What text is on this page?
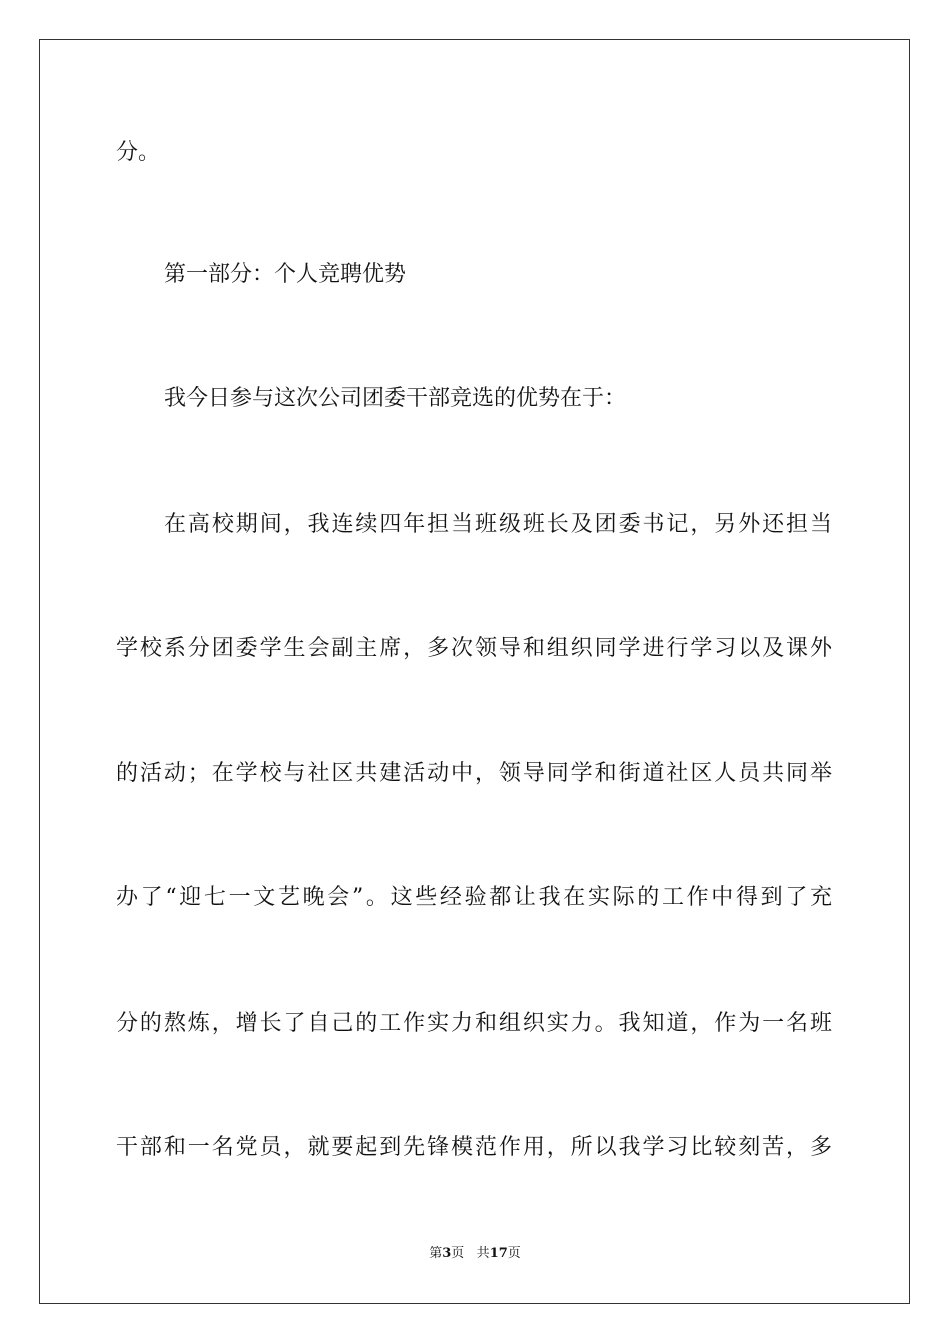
分。
第一部分：个人竞聘优势
我今日参与这次公司团委干部竞选的优势在于：
在高校期间，我连续四年担当班级班长及团委书记，另外还担当
学校系分团委学生会副主席，多次领导和组织同学进行学习以及课外
的活动；在学校与社区共建活动中，领导同学和街道社区人员共同举
办了“迎七一文艺晚会”。这些经验都让我在实际的工作中得到了充
分的熬炼，增长了自己的工作实力和组织实力。我知道，作为一名班
干部和一名党员，就要起到先锋模范作用，所以我学习比较刻苦，多
第3页 共17页
